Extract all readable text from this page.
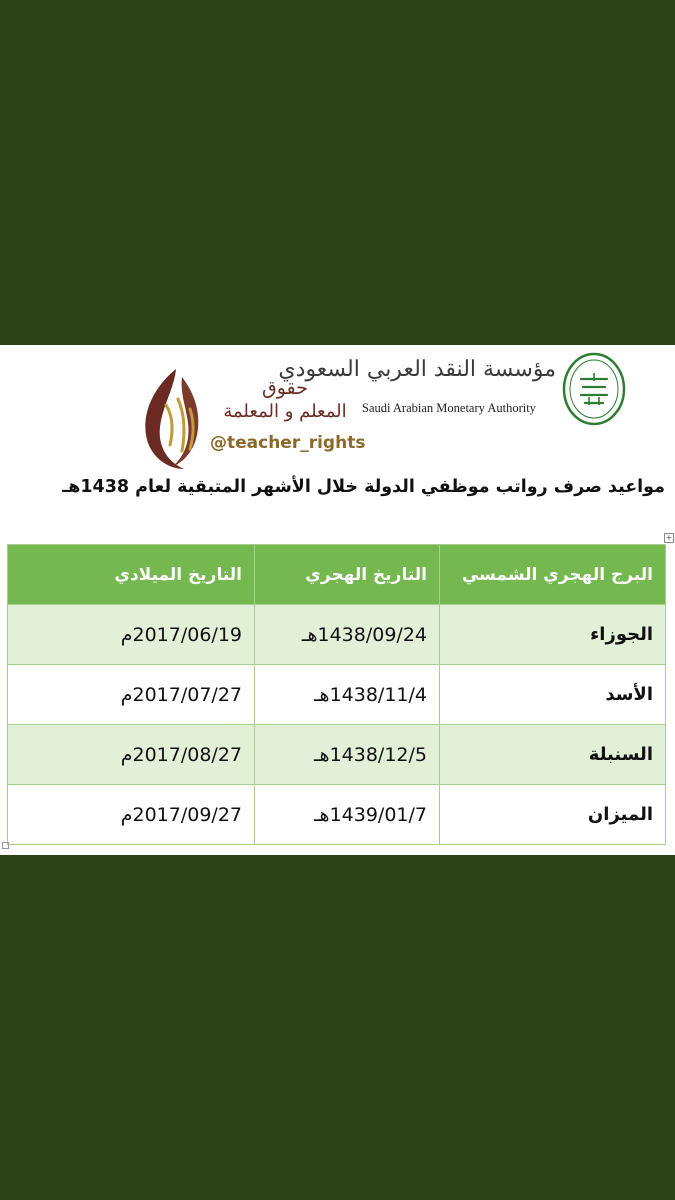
مؤسسة النقد العربي السعودي
Saudi Arabian Monetary Authority
حقوق
المعلم و المعلمة
@teacher_rights
مواعيد صرف رواتب موظفي الدولة خلال الأشهر المتبقية لعام 1438هـ
+
البرج الهجري الشمسي	التاريخ الهجري	التاريخ الميلادي
الجوزاء	1438/09/24هـ	2017/06/19م
الأسد	1438/11/4هـ	2017/07/27م
السنبلة	1438/12/5هـ	2017/08/27م
الميزان	1439/01/7هـ	2017/09/27م
